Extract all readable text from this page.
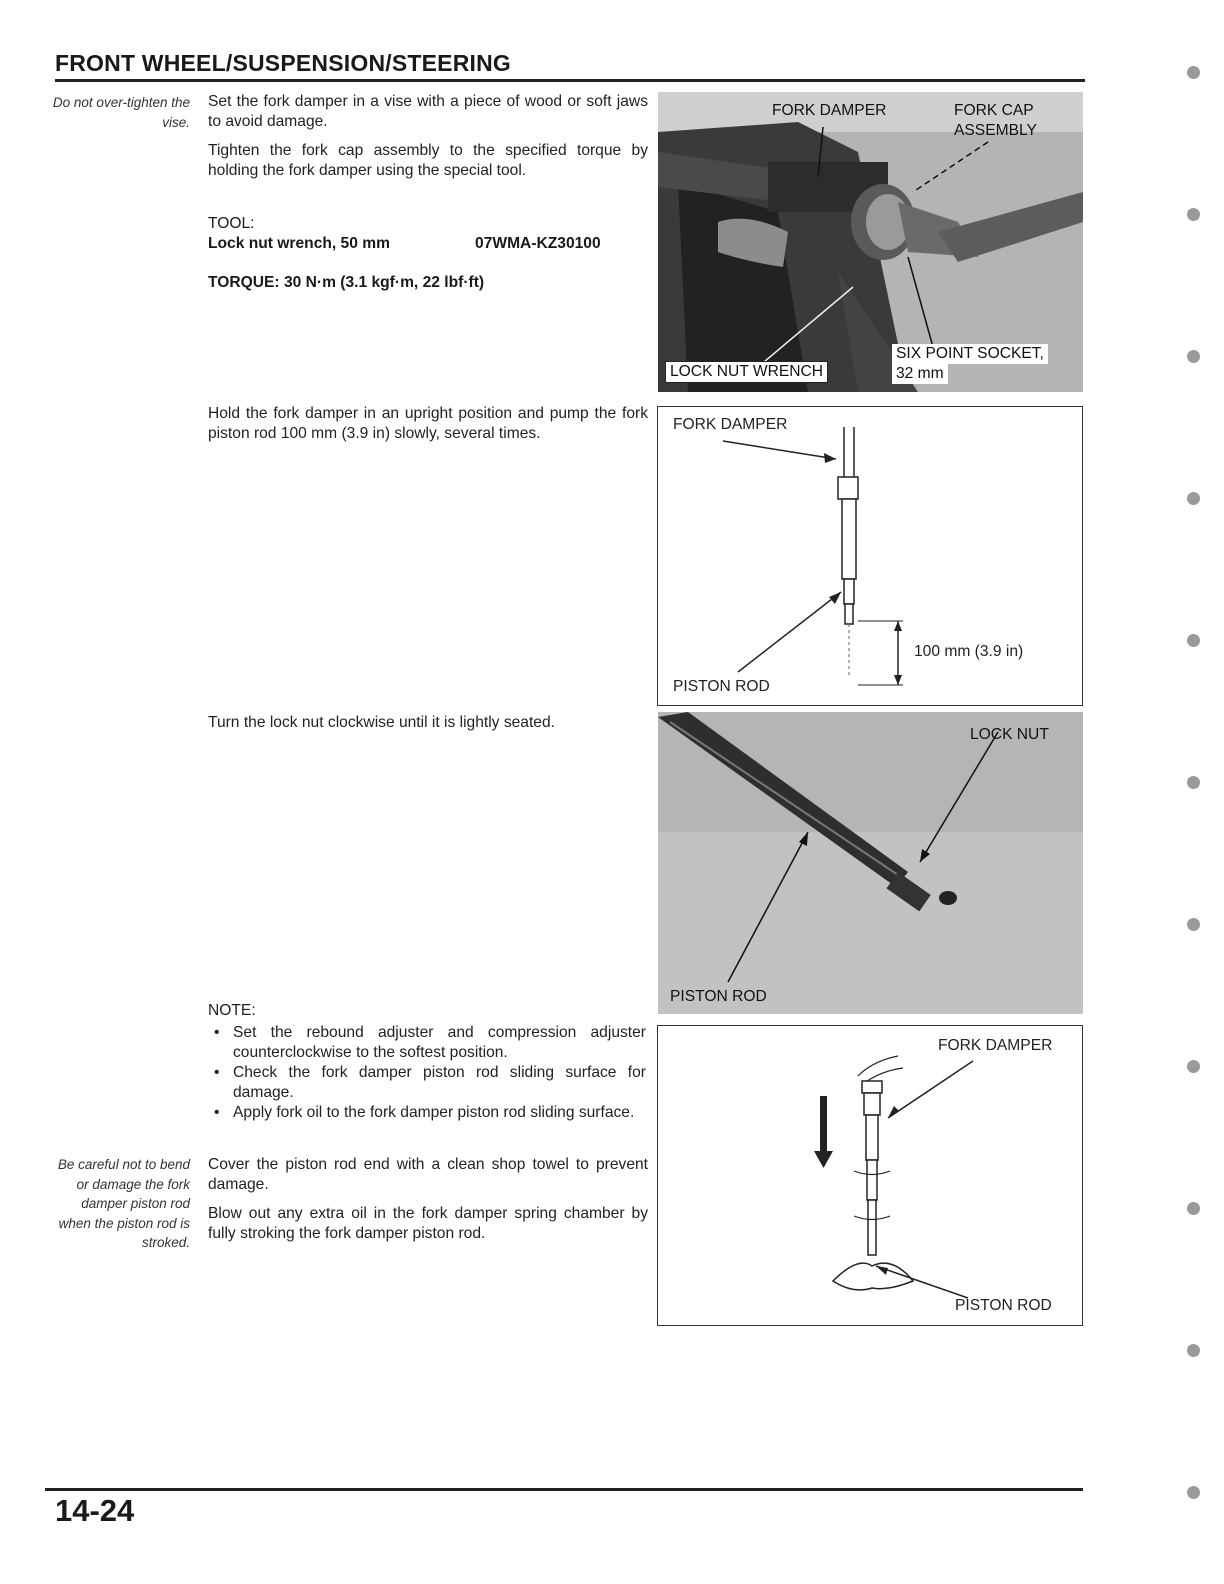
FRONT WHEEL/SUSPENSION/STEERING
Do not over-tighten the vise.
Be careful not to bend or damage the fork damper piston rod when the piston rod is stroked.
Set the fork damper in a vise with a piece of wood or soft jaws to avoid damage.
Tighten the fork cap assembly to the specified torque by holding the fork damper using the special tool.
TOOL:
Lock nut wrench, 50 mm	07WMA-KZ30100
TORQUE: 30 N·m (3.1 kgf·m, 22 lbf·ft)
FORK DAMPER	FORK CAP
ASSEMBLY
LOCK NUT WRENCH
SIX POINT SOCKET,
32 mm
Hold the fork damper in an upright position and pump the fork piston rod 100 mm (3.9 in) slowly, several times.
FORK DAMPER
PISTON ROD
100 mm (3.9 in)
Turn the lock nut clockwise until it is lightly seated.
LOCK NUT
PISTON ROD
NOTE:
• Set the rebound adjuster and compression adjuster counterclockwise to the softest position.
• Check the fork damper piston rod sliding surface for damage.
• Apply fork oil to the fork damper piston rod sliding surface.
Cover the piston rod end with a clean shop towel to prevent damage.
Blow out any extra oil in the fork damper spring chamber by fully stroking the fork damper piston rod.
FORK DAMPER
PISTON ROD
14-24
